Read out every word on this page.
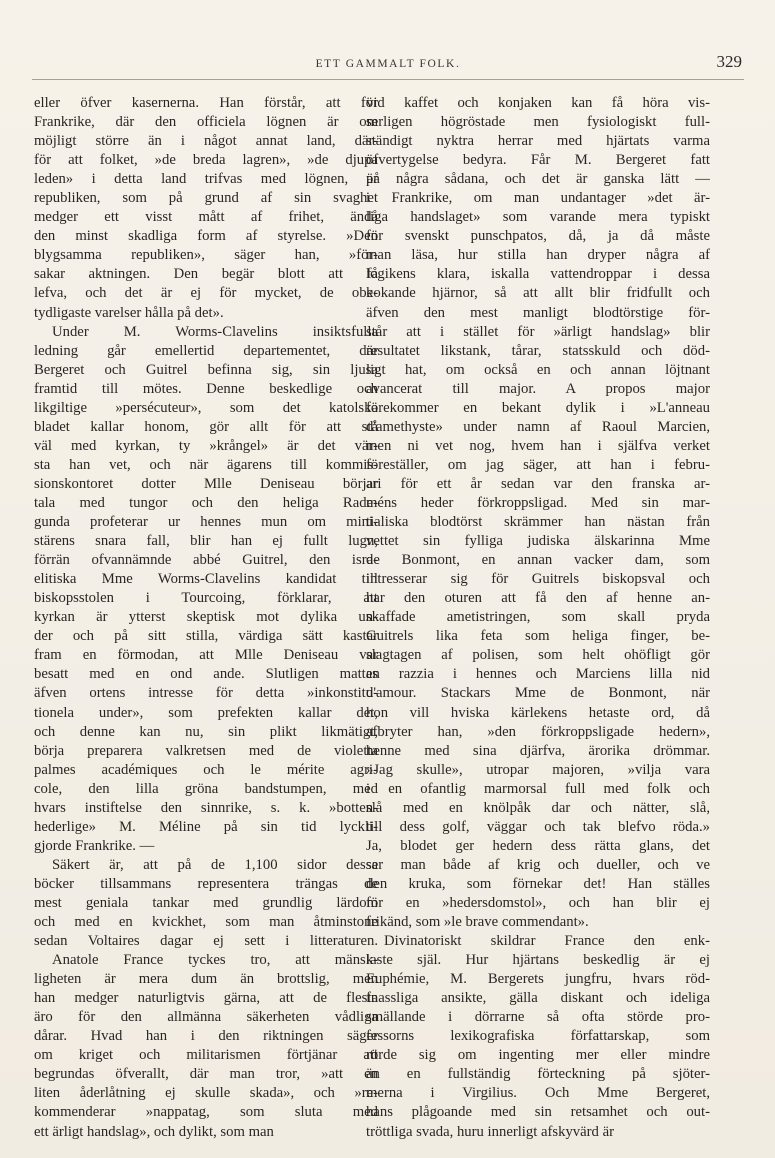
ETT GAMMALT FOLK.	329
eller öfver kasernerna. Han förstår, att för
Frankrike, där den officiela lögnen är om
möjligt större än i något annat land, där-
för att folket, »de breda lagren», »de djupa
leden» i detta land trifvas med lögnen, är
republiken, som på grund af sin svaghet
medger ett visst mått af frihet, ändå
den minst skadliga form af styrelse. »Den
blygsamma republiken», säger han, »för-
sakar aktningen. Den begär blott att få
lefva, och det är ej för mycket, de obe-
tydligaste varelser hålla på det».
Under M. Worms-Clavelins insiktsfulla
ledning går emellertid departementet, där
Bergeret och Guitrel befinna sig, sin ljusa
framtid till mötes. Denne beskedlige och
likgiltige »persécuteur», som det katolska
bladet kallar honom, gör allt för att stå
väl med kyrkan, ty »krångel» är det vär-
sta han vet, och när ägarens till kommis-
sionskontoret dotter Mlle Deniseau börjar
tala med tungor och den heliga Rade-
gunda profeterar ur hennes mun om mini-
stärens snara fall, blir han ej fullt lugn,
förrän ofvannämnde abbé Guitrel, den isra-
elitiska Mme Worms-Clavelins kandidat till
biskopsstolen i Tourcoing, förklarar, att
kyrkan är ytterst skeptisk mot dylika un-
der och på sitt stilla, värdiga sätt kastar
fram en förmodan, att Mlle Deniseau var
besatt med en ond ande. Slutligen mattas
äfven ortens intresse för detta »inkonstitu-
tionela under», som prefekten kallar det,
och denne kan nu, sin plikt likmätigt,
börja preparera valkretsen med de violetta
palmes académiques och le mérite agri-
cole, den lilla gröna bandstumpen, med
hvars instiftelse den sinnrike, s. k. »botten-
hederlige» M. Méline på sin tid lyckli-
gjorde Frankrike. —
Säkert är, att på de 1,100 sidor dessa
böcker tillsammans representera trängas de
mest geniala tankar med grundlig lärdom
och med en kvickhet, som man åtminstone
sedan Voltaires dagar ej sett i litteraturen.
Anatole France tyckes tro, att mänsk-
ligheten är mera dum än brottslig, men
han medger naturligtvis gärna, att de flesta
äro för den allmänna säkerheten vådliga
dårar. Hvad han i den riktningen säger
om kriget och militarismen förtjänar att
begrundas öfverallt, där man tror, »att en
liten åderlåtning ej skulle skada», och »re-
kommenderar »nappatag, som sluta med
ett ärligt handslag», och dylikt, som man
vid kaffet och konjaken kan få höra vis-
serligen högröstade men fysiologiskt full-
ständigt nyktra herrar med hjärtats varma
öfvertygelse bedyra. Får M. Bergeret fatt
på några sådana, och det är ganska lätt —
i Frankrike, om man undantager »det är-
liga handslaget» som varande mera typiskt
för svenskt punschpatos, då, ja då måste
man läsa, hur stilla han dryper några af
logikens klara, iskalla vattendroppar i dessa
kokande hjärnor, så att allt blir fridfullt och
äfven den mest manligt blodtörstige för-
står att i stället för »ärligt handslag» blir
resultatet likstank, tårar, statsskuld och död-
ligt hat, om också en och annan löjtnant
avancerat till major. A propos major
förekommer en bekant dylik i »L'anneau
d'amethyste» under namn af Raoul Marcien,
men ni vet nog, hvem han i själfva verket
föreställer, om jag säger, att han i febru-
ari för ett år sedan var den franska ar-
méns heder förkroppsligad. Med sin mar-
tialiska blodtörst skrämmer han nästan från
vettet sin fylliga judiska älskarinna Mme
de Bonmont, en annan vacker dam, som
intresserar sig för Guitrels biskopsval och
har den oturen att få den af henne an-
skaffade ametistringen, som skall pryda
Guitrels lika feta som heliga finger, be-
slagtagen af polisen, som helt ohöfligt gör
en razzia i hennes och Marciens lilla nid
d'amour. Stackars Mme de Bonmont, när
hon vill hviska kärlekens hetaste ord, då
afbryter han, »den förkroppsligade hedern»,
henne med sina djärfva, ärorika drömmar.
»Jag skulle», utropar majoren, »vilja vara
i en ofantlig marmorsal full med folk och
slå med en knölpåk dar och nätter, slå,
till dess golf, väggar och tak blefvo röda.»
Ja, blodet ger hedern dess rätta glans, det
ser man både af krig och dueller, och ve
den kruka, som förnekar det! Han ställes
för en »hedersdomstol», och han blir ej
frikänd, som »le brave commendant».
Divinatoriskt skildrar France den enk-
laste själ. Hur hjärtans beskedlig är ej
Euphémie, M. Bergerets jungfru, hvars röd-
fnassliga ansikte, gälla diskant och ideliga
smällande i dörrarne så ofta störde pro-
fessorns lexikografiska författarskap, som
rörde sig om ingenting mer eller mindre
än en fullständig förteckning på sjöter-
merna i Virgilius. Och Mme Bergeret,
hans plågoande med sin retsamhet och out-
tröttliga svada, huru innerligt afskyvärd är
